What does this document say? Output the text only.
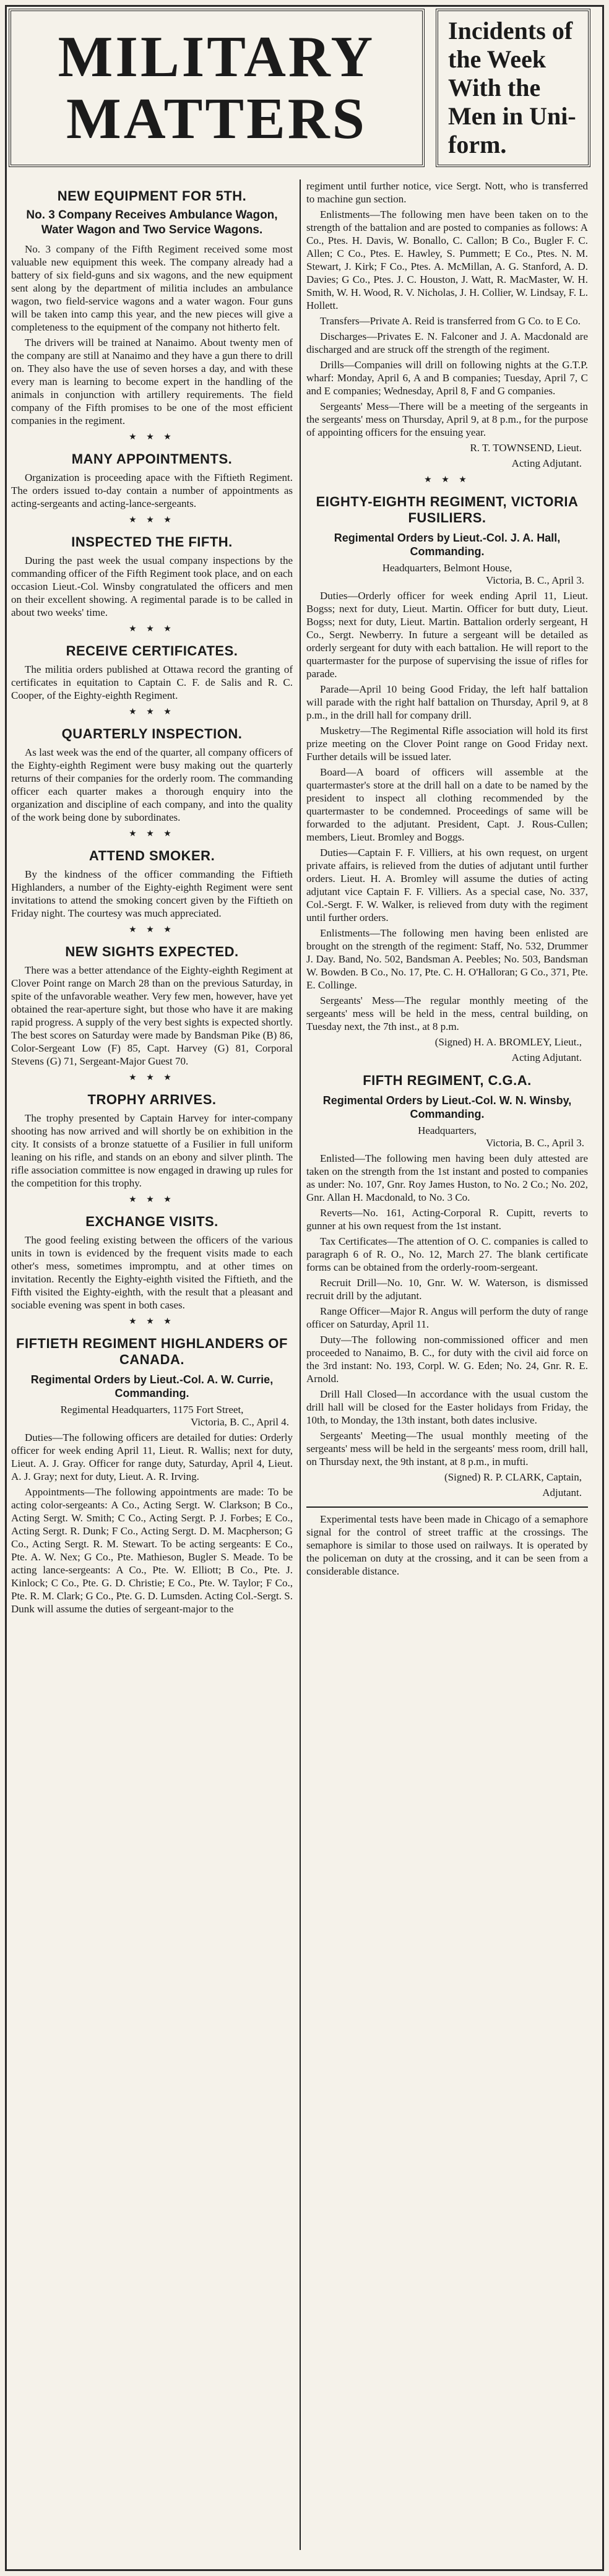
MILITARY
MATTERS
Incidents of
the Week
With the
Men in Uni-
form.
NEW EQUIPMENT FOR 5TH.
No. 3 Company Receives Ambulance Wagon, Water Wagon and Two Service Wagons.

No. 3 company of the Fifth Regiment received some most valuable new equipment this week. The company already had a battery of six field-guns and six wagons, and the new equipment sent along by the department of militia includes an ambulance wagon, two field-service wagons and a water wagon. Four guns will be taken into camp this year, and the new pieces will give a completeness to the equipment of the company not hitherto felt.

The drivers will be trained at Nanaimo. About twenty men of the company are still at Nanaimo and they have a gun there to drill on. They also have the use of seven horses a day, and with these every man is learning to become expert in the handling of the animals in conjunction with artillery requirements. The field company of the Fifth promises to be one of the most efficient companies in the regiment.

★ ★ ★
MANY APPOINTMENTS.

Organization is proceeding apace with the Fiftieth Regiment. The orders issued to-day contain a number of appointments as acting-sergeants and acting-lance-sergeants.

★ ★ ★
INSPECTED THE FIFTH.

During the past week the usual company inspections by the commanding officer of the Fifth Regiment took place, and on each occasion Lieut.-Col. Winsby congratulated the officers and men on their excellent showing. A regimental parade is to be called in about two weeks' time.

★ ★ ★
RECEIVE CERTIFICATES.

The militia orders published at Ottawa record the granting of certificates in equitation to Captain C. F. de Salis and R. C. Cooper, of the Eighty-eighth Regiment.

★ ★ ★
QUARTERLY INSPECTION.

As last week was the end of the quarter, all company officers of the Eighty-eighth Regiment were busy making out the quarterly returns of their companies for the orderly room. The commanding officer each quarter makes a thorough enquiry into the organization and discipline of each company, and into the quality of the work being done by subordinates.

★ ★ ★
ATTEND SMOKER.

By the kindness of the officer commanding the Fiftieth Highlanders, a number of the Eighty-eighth Regiment were sent invitations to attend the smoking concert given by the Fiftieth on Friday night. The courtesy was much appreciated.

★ ★ ★
NEW SIGHTS EXPECTED.

There was a better attendance of the Eighty-eighth Regiment at Clover Point range on March 28 than on the previous Saturday, in spite of the unfavorable weather. Very few men, however, have yet obtained the rear-aperture sight, but those who have it are making rapid progress. A supply of the very best sights is expected shortly. The best scores on Saturday were made by Bandsman Pike (B) 86, Color-Sergeant Low (F) 85, Capt. Harvey (G) 81, Corporal Stevens (G) 71, Sergeant-Major Guest 70.

★ ★ ★
TROPHY ARRIVES.

The trophy presented by Captain Harvey for inter-company shooting has now arrived and will shortly be on exhibition in the city. It consists of a bronze statuette of a Fusilier in full uniform leaning on his rifle, and stands on an ebony and silver plinth. The rifle association committee is now engaged in drawing up rules for the competition for this trophy.

★ ★ ★
EXCHANGE VISITS.

The good feeling existing between the officers of the various units in town is evidenced by the frequent visits made to each other's mess, sometimes impromptu, and at other times on invitation. Recently the Eighty-eighth visited the Fiftieth, and the Fifth visited the Eighty-eighth, with the result that a pleasant and sociable evening was spent in both cases.

★ ★ ★
FIFTIETH REGIMENT HIGHLANDERS OF CANADA.
Regimental Orders by Lieut.-Col. A. W. Currie, Commanding.
Regimental Headquarters, 1175 Fort Street,
Victoria, B. C., April 4.

Duties—The following officers are detailed for duties: Orderly officer for week ending April 11, Lieut. R. Wallis; next for duty, Lieut. A. J. Gray. Officer for range duty, Saturday, April 4, Lieut. A. J. Gray; next for duty, Lieut. A. R. Irving.

Appointments—The following appointments are made: To be acting color-sergeants: A Co., Acting Sergt. W. Clarkson; B Co., Acting Sergt. W. Smith; C Co., Acting Sergt. P. J. Forbes; E Co., Acting Sergt. R. Dunk; F Co., Acting Sergt. D. M. Macpherson; G Co., Acting Sergt. R. M. Stewart. To be acting sergeants: E Co., Pte. A. W. Nex; G Co., Pte. Mathieson, Bugler S. Meade. To be acting lance-sergeants: A Co., Pte. W. Elliott; B Co., Pte. J. Kinlock; C Co., Pte. G. D. Christie; E Co., Pte. W. Taylor; F Co., Pte. R. M. Clark; G Co., Pte. G. D. Lumsden. Acting Col.-Sergt. S. Dunk will assume the duties of sergeant-major to the

regiment until further notice, vice Sergt. Nott, who is transferred to machine gun section.

Enlistments—The following men have been taken on to the strength of the battalion and are posted to companies as follows: A Co., Ptes. H. Davis, W. Bonallo, C. Callon; B Co., Bugler F. C. Allen; C Co., Ptes. E. Hawley, S. Pummett; E Co., Ptes. N. M. Stewart, J. Kirk; F Co., Ptes. A. McMillan, A. G. Stanford, A. D. Davies; G Co., Ptes. J. C. Houston, J. Watt, R. MacMaster, W. H. Smith, W. H. Wood, R. V. Nicholas, J. H. Collier, W. Lindsay, F. L. Hollett.

Transfers—Private A. Reid is transferred from G Co. to E Co.

Discharges—Privates E. N. Falconer and J. A. Macdonald are discharged and are struck off the strength of the regiment.

Drills—Companies will drill on following nights at the G.T.P. wharf: Monday, April 6, A and B companies; Tuesday, April 7, C and E companies; Wednesday, April 8, F and G companies.

Sergeants' Mess—There will be a meeting of the sergeants in the sergeants' mess on Thursday, April 9, at 8 p.m., for the purpose of appointing officers for the ensuing year.

R. T. TOWNSEND, Lieut.

Acting Adjutant.

★ ★ ★
EIGHTY-EIGHTH REGIMENT, VICTORIA FUSILIERS.
Regimental Orders by Lieut.-Col. J. A. Hall, Commanding.
Headquarters, Belmont House,
Victoria, B. C., April 3.

Duties—Orderly officer for week ending April 11, Lieut. Bogss; next for duty, Lieut. Martin. Officer for butt duty, Lieut. Bogss; next for duty, Lieut. Martin. Battalion orderly sergeant, H Co., Sergt. Newberry. In future a sergeant will be detailed as orderly sergeant for duty with each battalion. He will report to the quartermaster for the purpose of supervising the issue of rifles for parade.

Parade—April 10 being Good Friday, the left half battalion will parade with the right half battalion on Thursday, April 9, at 8 p.m., in the drill hall for company drill.

Musketry—The Regimental Rifle association will hold its first prize meeting on the Clover Point range on Good Friday next. Further details will be issued later.

Board—A board of officers will assemble at the quartermaster's store at the drill hall on a date to be named by the president to inspect all clothing recommended by the quartermaster to be condemned. Proceedings of same will be forwarded to the adjutant. President, Capt. J. Rous-Cullen; members, Lieut. Bromley and Boggs.

Duties—Captain F. F. Villiers, at his own request, on urgent private affairs, is relieved from the duties of adjutant until further orders. Lieut. H. A. Bromley will assume the duties of acting adjutant vice Captain F. F. Villiers. As a special case, No. 337, Col.-Sergt. F. W. Walker, is relieved from duty with the regiment until further orders.

Enlistments—The following men having been enlisted are brought on the strength of the regiment: Staff, No. 532, Drummer J. Day. Band, No. 502, Bandsman A. Peebles; No. 503, Bandsman W. Bowden. B Co., No. 17, Pte. C. H. O'Halloran; G Co., 371, Pte. E. Collinge.

Sergeants' Mess—The regular monthly meeting of the sergeants' mess will be held in the mess, central building, on Tuesday next, the 7th inst., at 8 p.m.

(Signed) H. A. BROMLEY, Lieut.,

Acting Adjutant.

FIFTH REGIMENT, C.G.A.
Regimental Orders by Lieut.-Col. W. N. Winsby, Commanding.
Headquarters,
Victoria, B. C., April 3.

Enlisted—The following men having been duly attested are taken on the strength from the 1st instant and posted to companies as under: No. 107, Gnr. Roy James Huston, to No. 2 Co.; No. 202, Gnr. Allan H. Macdonald, to No. 3 Co.

Reverts—No. 161, Acting-Corporal R. Cupitt, reverts to gunner at his own request from the 1st instant.

Tax Certificates—The attention of O. C. companies is called to paragraph 6 of R. O., No. 12, March 27. The blank certificate forms can be obtained from the orderly-room-sergeant.

Recruit Drill—No. 10, Gnr. W. W. Waterson, is dismissed recruit drill by the adjutant.

Range Officer—Major R. Angus will perform the duty of range officer on Saturday, April 11.

Duty—The following non-commissioned officer and men proceeded to Nanaimo, B. C., for duty with the civil aid force on the 3rd instant: No. 193, Corpl. W. G. Eden; No. 24, Gnr. R. E. Arnold.

Drill Hall Closed—In accordance with the usual custom the drill hall will be closed for the Easter holidays from Friday, the 10th, to Monday, the 13th instant, both dates inclusive.

Sergeants' Meeting—The usual monthly meeting of the sergeants' mess will be held in the sergeants' mess room, drill hall, on Thursday next, the 9th instant, at 8 p.m., in mufti.

(Signed) R. P. CLARK, Captain,

Adjutant.

Experimental tests have been made in Chicago of a semaphore signal for the control of street traffic at the crossings. The semaphore is similar to those used on railways. It is operated by the policeman on duty at the crossing, and it can be seen from a considerable distance.
